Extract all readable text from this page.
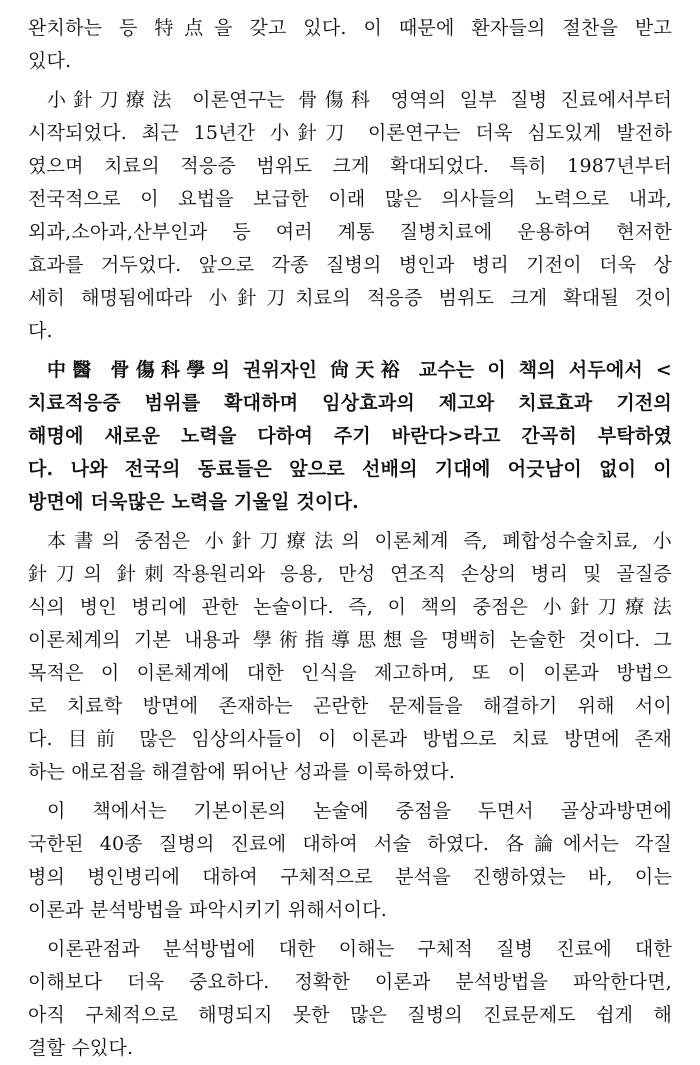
완치하는 등 特点을 갖고 있다. 이 때문에 환자들의 절찬을 받고
있다.
小針刀療法 이론연구는 骨傷科 영역의 일부 질병 진료에서부터
시작되었다. 최근 15년간 小針刀 이론연구는 더욱 심도있게 발전하
였으며 치료의 적응증 범위도 크게 확대되었다. 특히 1987년부터
전국적으로 이 요법을 보급한 이래 많은 의사들의 노력으로 내과,
외과,소아과,산부인과 등 여러 계통 질병치료에 운용하여 현저한
효과를 거두었다. 앞으로 각종 질병의 병인과 병리 기전이 더욱 상
세히 해명됨에따라 小針刀치료의 적응증 범위도 크게 확대될 것이
다.
中醫 骨傷科學의 권위자인 尙天裕 교수는 이 책의 서두에서 <
치료적응증 범위를 확대하며 임상효과의 제고와 치료효과 기전의
해명에 새로운 노력을 다하여 주기 바란다>라고 간곡히 부탁하였
다. 나와 전국의 동료들은 앞으로 선배의 기대에 어긋남이 없이 이
방면에 더욱많은 노력을 기울일 것이다.
本書의 중점은 小針刀療法의 이론체계 즉, 폐합성수술치료, 小
針刀의 針刺작용원리와 응용, 만성 연조직 손상의 병리 및 골질증
식의 병인 병리에 관한 논술이다. 즉, 이 책의 중점은 小針刀療法
이론체계의 기본 내용과 學術指導思想을 명백히 논술한 것이다. 그
목적은 이 이론체계에 대한 인식을 제고하며, 또 이 이론과 방법으
로 치료학 방면에 존재하는 곤란한 문제들을 해결하기 위해 서이
다. 目前 많은 임상의사들이 이 이론과 방법으로 치료 방면에 존재
하는 애로점을 해결함에 뛰어난 성과를 이룩하였다.
이 책에서는 기본이론의 논술에 중점을 두면서 골상과방면에
국한된 40종 질병의 진료에 대하여 서술 하였다. 各論에서는 각질
병의 병인병리에 대하여 구체적으로 분석을 진행하였는 바, 이는
이론과 분석방법을 파악시키기 위해서이다.
이론관점과 분석방법에 대한 이해는 구체적 질병 진료에 대한
이해보다 더욱 중요하다. 정확한 이론과 분석방법을 파악한다면,
아직 구체적으로 해명되지 못한 많은 질병의 진료문제도 쉽게 해
결할 수있다.
